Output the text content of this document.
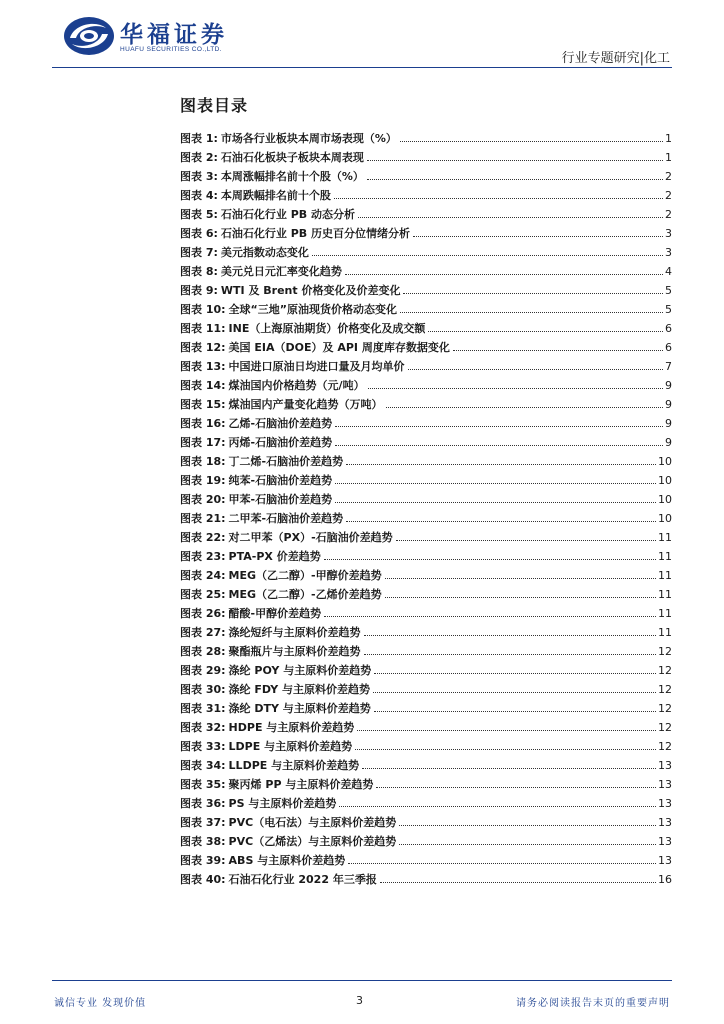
华福证券
HUAFU SECURITIES CO.,LTD.
行业专题研究|化工
图表目录
图表 1: 市场各行业板块本周市场表现（%）	1
图表 2: 石油石化板块子板块本周表现	1
图表 3: 本周涨幅排名前十个股（%）	2
图表 4: 本周跌幅排名前十个股	2
图表 5: 石油石化行业 PB 动态分析	2
图表 6: 石油石化行业 PB 历史百分位情绪分析	3
图表 7: 美元指数动态变化	3
图表 8: 美元兑日元汇率变化趋势	4
图表 9: WTI 及 Brent 价格变化及价差变化	5
图表 10: 全球“三地”原油现货价格动态变化	5
图表 11: INE（上海原油期货）价格变化及成交额	6
图表 12: 美国 EIA（DOE）及 API 周度库存数据变化	6
图表 13: 中国进口原油日均进口量及月均单价	7
图表 14: 煤油国内价格趋势（元/吨）	9
图表 15: 煤油国内产量变化趋势（万吨）	9
图表 16: 乙烯-石脑油价差趋势	9
图表 17: 丙烯-石脑油价差趋势	9
图表 18: 丁二烯-石脑油价差趋势	10
图表 19: 纯苯-石脑油价差趋势	10
图表 20: 甲苯-石脑油价差趋势	10
图表 21: 二甲苯-石脑油价差趋势	10
图表 22: 对二甲苯（PX）-石脑油价差趋势	11
图表 23: PTA-PX 价差趋势	11
图表 24: MEG（乙二醇）-甲醇价差趋势	11
图表 25: MEG（乙二醇）-乙烯价差趋势	11
图表 26: 醋酸-甲醇价差趋势	11
图表 27: 涤纶短纤与主原料价差趋势	11
图表 28: 聚酯瓶片与主原料价差趋势	12
图表 29: 涤纶 POY 与主原料价差趋势	12
图表 30: 涤纶 FDY 与主原料价差趋势	12
图表 31: 涤纶 DTY 与主原料价差趋势	12
图表 32: HDPE 与主原料价差趋势	12
图表 33: LDPE 与主原料价差趋势	12
图表 34: LLDPE 与主原料价差趋势	13
图表 35: 聚丙烯 PP 与主原料价差趋势	13
图表 36: PS 与主原料价差趋势	13
图表 37: PVC（电石法）与主原料价差趋势	13
图表 38: PVC（乙烯法）与主原料价差趋势	13
图表 39: ABS 与主原料价差趋势	13
图表 40: 石油石化行业 2022 年三季报	16
诚信专业 发现价值	3	请务必阅读报告末页的重要声明
